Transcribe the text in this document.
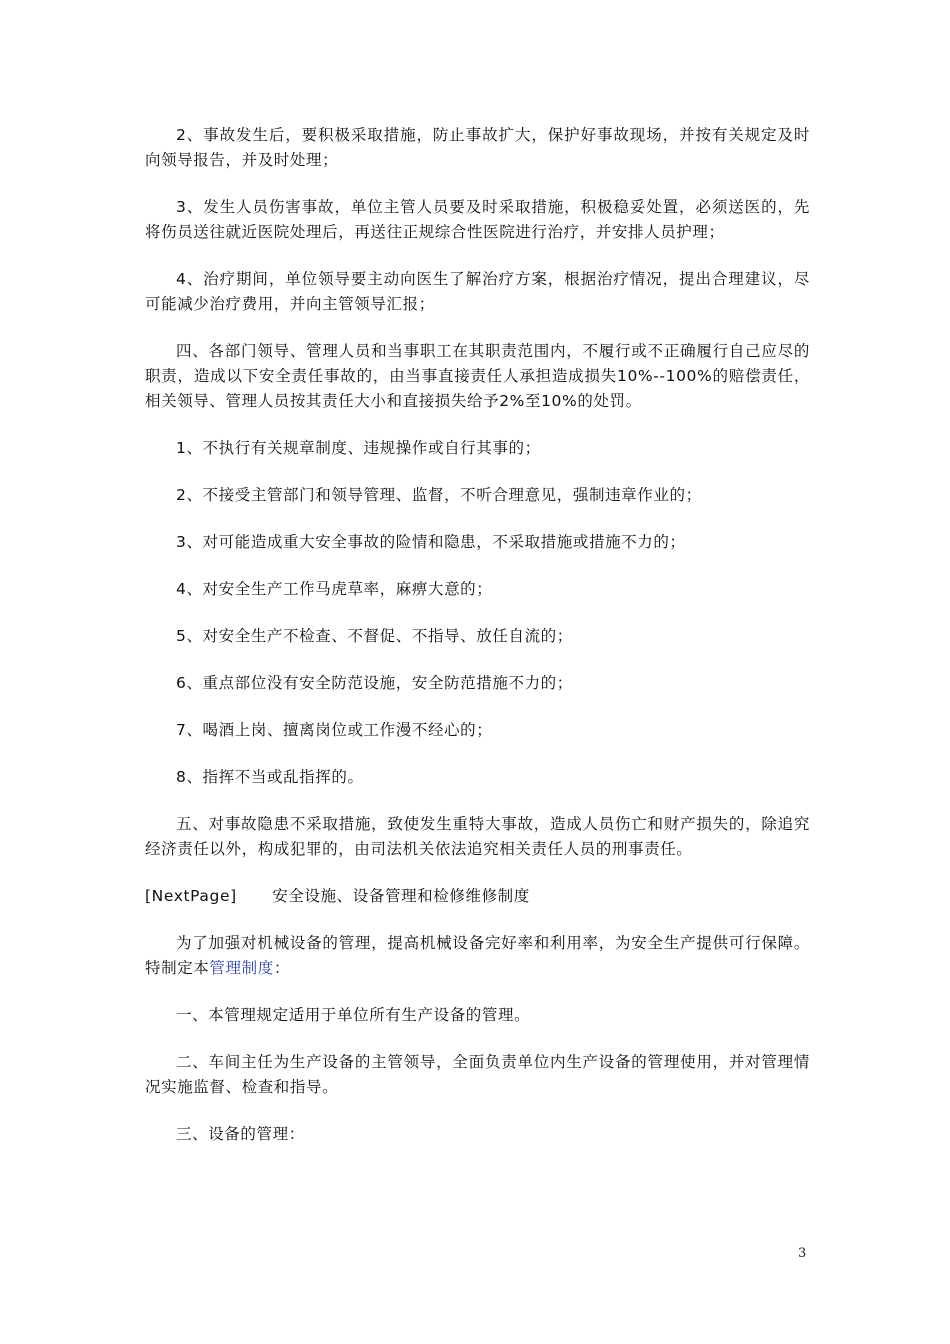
2、事故发生后，要积极采取措施，防止事故扩大，保护好事故现场，并按有关规定及时向领导报告，并及时处理；

3、发生人员伤害事故，单位主管人员要及时采取措施，积极稳妥处置，必须送医的，先将伤员送往就近医院处理后，再送往正规综合性医院进行治疗，并安排人员护理；

4、治疗期间，单位领导要主动向医生了解治疗方案，根据治疗情况，提出合理建议，尽可能减少治疗费用，并向主管领导汇报；

四、各部门领导、管理人员和当事职工在其职责范围内，不履行或不正确履行自己应尽的职责，造成以下安全责任事故的，由当事直接责任人承担造成损失10%--100%的赔偿责任，相关领导、管理人员按其责任大小和直接损失给予2%至10%的处罚。

1、不执行有关规章制度、违规操作或自行其事的；

2、不接受主管部门和领导管理、监督，不听合理意见，强制违章作业的；

3、对可能造成重大安全事故的险情和隐患，不采取措施或措施不力的；

4、对安全生产工作马虎草率，麻痹大意的；

5、对安全生产不检查、不督促、不指导、放任自流的；

6、重点部位没有安全防范设施，安全防范措施不力的；

7、喝酒上岗、擅离岗位或工作漫不经心的；

8、指挥不当或乱指挥的。

五、对事故隐患不采取措施，致使发生重特大事故，造成人员伤亡和财产损失的，除追究经济责任以外，构成犯罪的，由司法机关依法追究相关责任人员的刑事责任。

[NextPage] 安全设施、设备管理和检修维修制度

为了加强对机械设备的管理，提高机械设备完好率和利用率，为安全生产提供可行保障。特制定本管理制度：

一、本管理规定适用于单位所有生产设备的管理。

二、车间主任为生产设备的主管领导，全面负责单位内生产设备的管理使用，并对管理情况实施监督、检查和指导。

三、设备的管理：

3
